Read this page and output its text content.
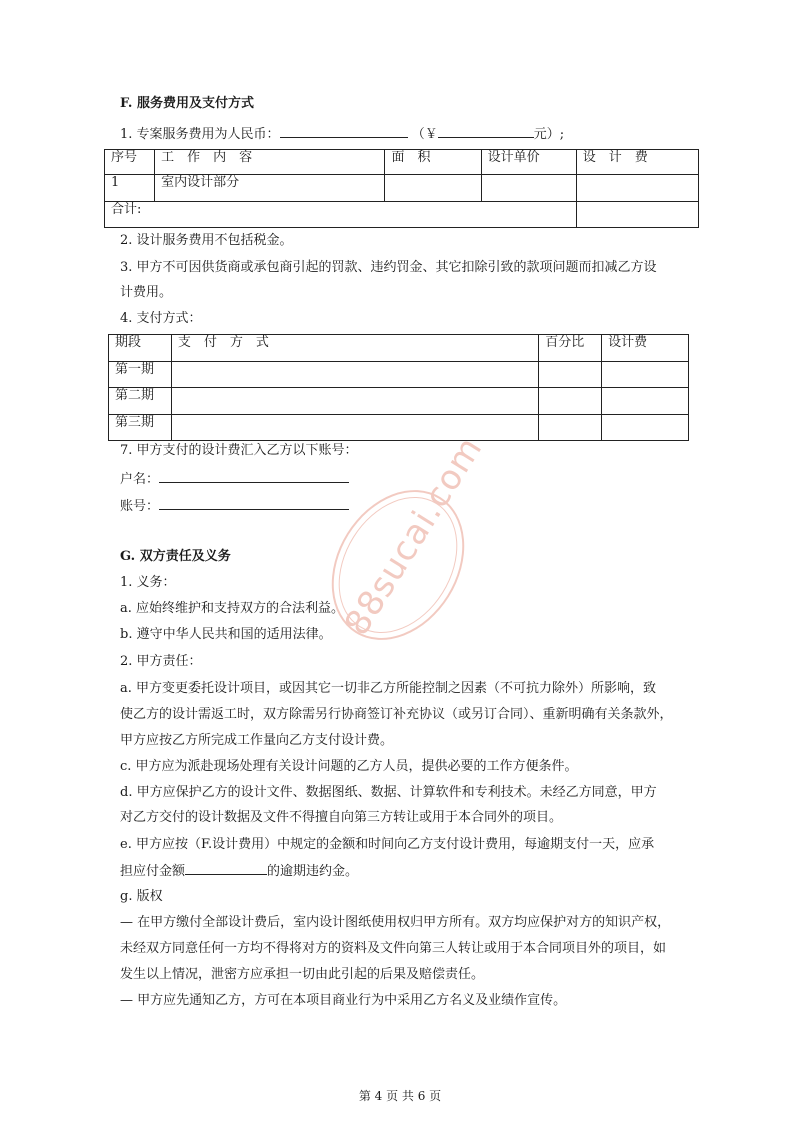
F. 服务费用及支付方式
1. 专案服务费用为人民币：	（￥	元）;
序号	工　作　内　容	面　积	设计单价	设　计　费
1	室内设计部分			
合计:				
2. 设计服务费用不包括税金。
3. 甲方不可因供货商或承包商引起的罚款、违约罚金、其它扣除引致的款项问题而扣减乙方设
计费用。
4. 支付方式：
期段	支　付　方　式	百分比	设计费
第一期			
第二期			
第三期			
7. 甲方支付的设计费汇入乙方以下账号：
户名：
账号：
G. 双方责任及义务
1. 义务：
a. 应始终维护和支持双方的合法利益。
b. 遵守中华人民共和国的适用法律。
2. 甲方责任：
a. 甲方变更委托设计项目，或因其它一切非乙方所能控制之因素（不可抗力除外）所影响，致
使乙方的设计需返工时，双方除需另行协商签订补充协议（或另订合同）、重新明确有关条款外，
甲方应按乙方所完成工作量向乙方支付设计费。
c. 甲方应为派赴现场处理有关设计问题的乙方人员，提供必要的工作方便条件。
d. 甲方应保护乙方的设计文件、数据图纸、数据、计算软件和专利技术。未经乙方同意，甲方
对乙方交付的设计数据及文件不得擅自向第三方转让或用于本合同外的项目。
e. 甲方应按（F.设计费用）中规定的金额和时间向乙方支付设计费用，每逾期支付一天，应承
担应付金额	的逾期违约金。
g. 版权
— 在甲方缴付全部设计费后，室内设计图纸使用权归甲方所有。双方均应保护对方的知识产权，
未经双方同意任何一方均不得将对方的资料及文件向第三人转让或用于本合同项目外的项目，如
发生以上情况，泄密方应承担一切由此引起的后果及赔偿责任。
— 甲方应先通知乙方，方可在本项目商业行为中采用乙方名义及业绩作宣传。
88sucai.com
第 4 页 共 6 页
